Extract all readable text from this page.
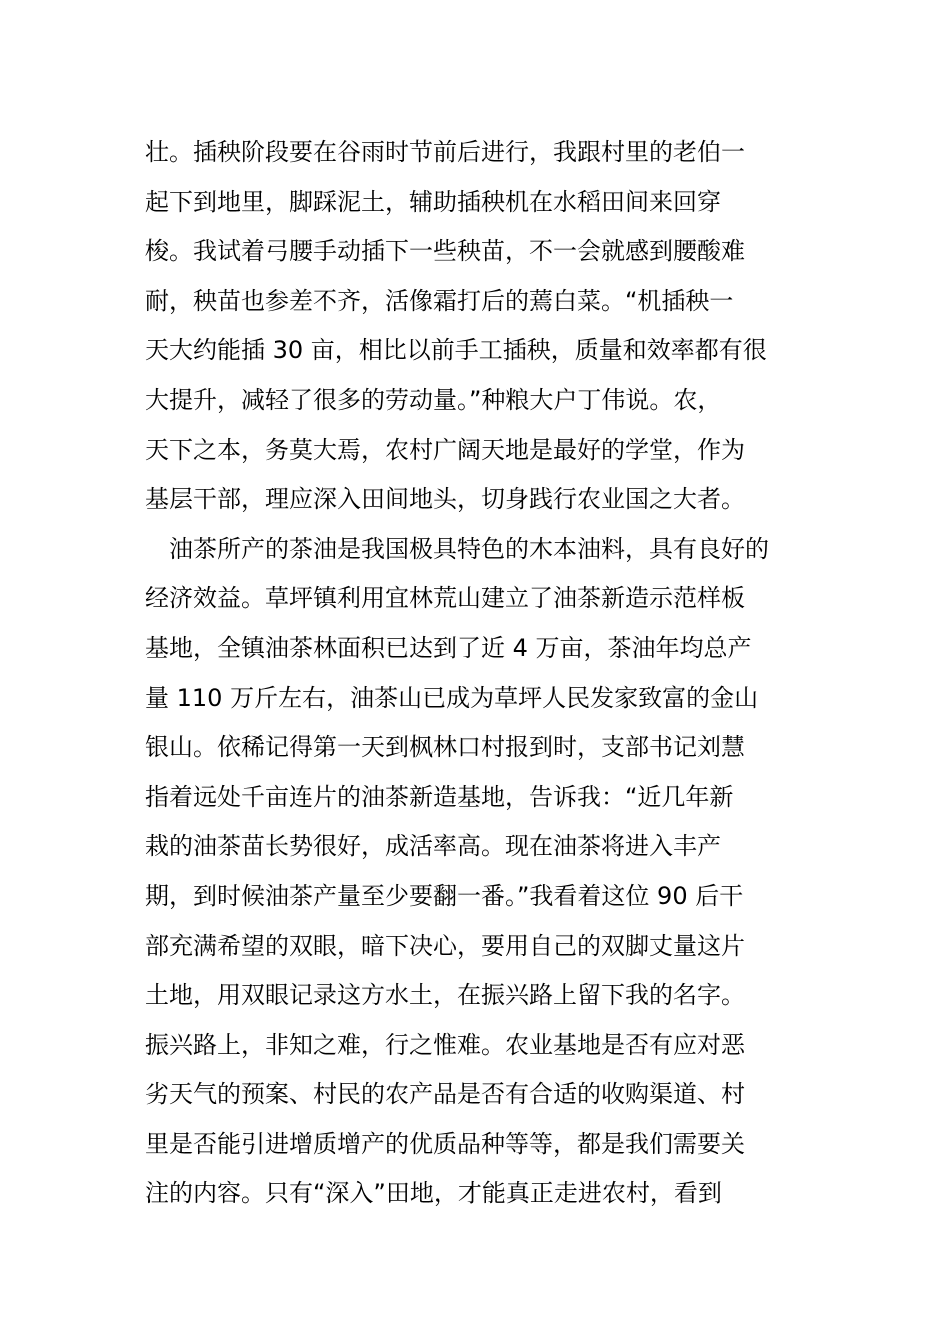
壮。插秧阶段要在谷雨时节前后进行，我跟村里的老伯一
起下到地里，脚踩泥土，辅助插秧机在水稻田间来回穿
梭。我试着弓腰手动插下一些秧苗，不一会就感到腰酸难
耐，秧苗也参差不齐，活像霜打后的蔫白菜。“机插秧一
天大约能插 30 亩，相比以前手工插秧，质量和效率都有很
大提升，减轻了很多的劳动量。”种粮大户丁伟说。农，
天下之本，务莫大焉，农村广阔天地是最好的学堂，作为
基层干部，理应深入田间地头，切身践行农业国之大者。
油茶所产的茶油是我国极具特色的木本油料，具有良好的
经济效益。草坪镇利用宜林荒山建立了油茶新造示范样板
基地，全镇油茶林面积已达到了近 4 万亩，茶油年均总产
量 110 万斤左右，油茶山已成为草坪人民发家致富的金山
银山。依稀记得第一天到枫林口村报到时，支部书记刘慧
指着远处千亩连片的油茶新造基地，告诉我：“近几年新
栽的油茶苗长势很好，成活率高。现在油茶将进入丰产
期，到时候油茶产量至少要翻一番。”我看着这位 90 后干
部充满希望的双眼，暗下决心，要用自己的双脚丈量这片
土地，用双眼记录这方水土，在振兴路上留下我的名字。
振兴路上，非知之难，行之惟难。农业基地是否有应对恶
劣天气的预案、村民的农产品是否有合适的收购渠道、村
里是否能引进增质增产的优质品种等等，都是我们需要关
注的内容。只有“深入”田地，才能真正走进农村，看到
